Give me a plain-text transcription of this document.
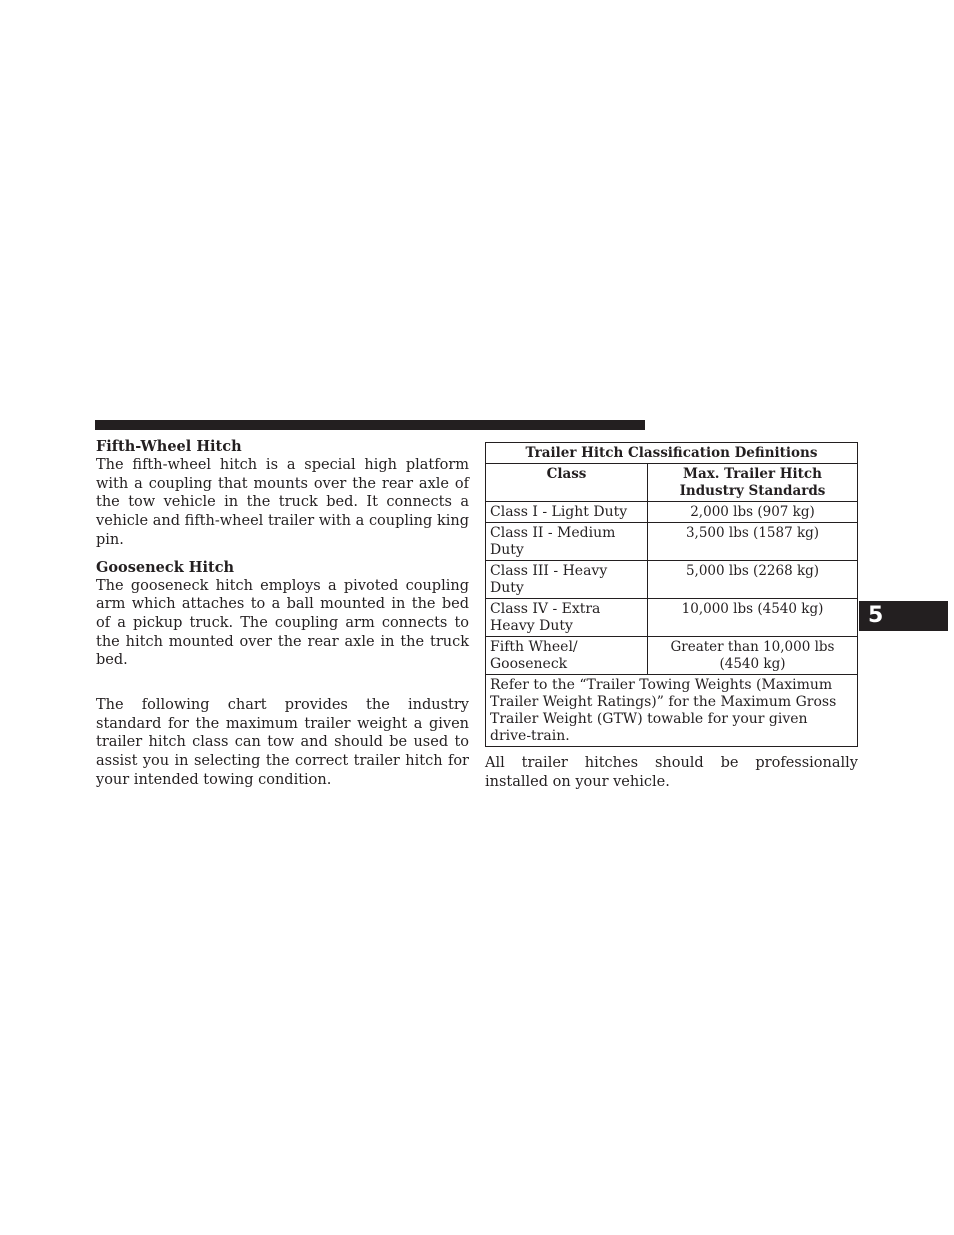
Fifth-Wheel Hitch

The fifth-wheel hitch is a special high platform with a coupling that mounts over the rear axle of the tow vehicle in the truck bed. It connects a vehicle and fifth-wheel trailer with a coupling king pin.

Gooseneck Hitch

The gooseneck hitch employs a pivoted coupling arm which attaches to a ball mounted in the bed of a pickup truck. The coupling arm connects to the hitch mounted over the rear axle in the truck bed.

The following chart provides the industry standard for the maximum trailer weight a given trailer hitch class can tow and should be used to assist you in selecting the correct trailer hitch for your intended towing condition.

Trailer Hitch Classification Definitions	
Class	Max. Trailer Hitch Industry Standards
Class I - Light Duty	2,000 lbs (907 kg)
Class II - Medium Duty	3,500 lbs (1587 kg)
Class III - Heavy Duty	5,000 lbs (2268 kg)
Class IV - Extra Heavy Duty	10,000 lbs (4540 kg)
Fifth Wheel/ Gooseneck	Greater than 10,000 lbs (4540 kg)
Refer to the “Trailer Towing Weights (Maximum Trailer Weight Ratings)” for the Maximum Gross Trailer Weight (GTW) towable for your given drive-train.	

All trailer hitches should be professionally installed on your vehicle.

5
